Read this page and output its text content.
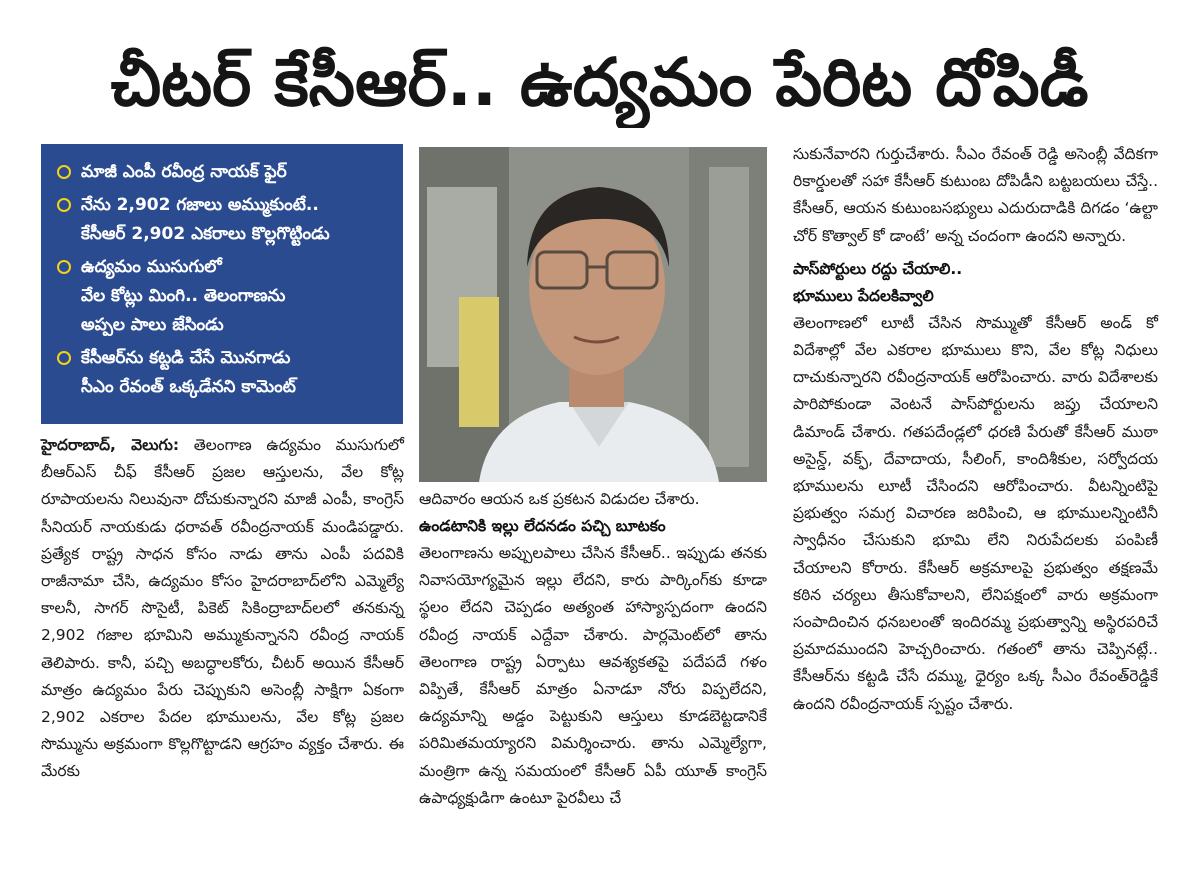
చీటర్ కేసీఆర్.. ఉద్యమం పేరిట దోపిడీ
మాజీ ఎంపీ రవీంద్ర నాయక్ ఫైర్
నేను 2,902 గజాలు అమ్ముకుంటే..
కేసీఆర్ 2,902 ఎకరాలు కొల్లగొట్టిండు
ఉద్యమం ముసుగులో
వేల కోట్లు మింగి.. తెలంగాణను
అప్పల పాలు జేసిండు
కేసీఆర్‌ను కట్టడి చేసే మొనగాడు
సీఎం రేవంత్ ఒక్కడేనని కామెంట్
హైదరాబాద్, వెలుగు: తెలంగాణ ఉద్యమం ముసుగులో బీఆర్ఎస్ చీఫ్ కేసీఆర్ ప్రజల ఆస్తులను, వేల కోట్ల రూపాయలను నిలువునా దోచుకున్నారని మాజీ ఎంపీ, కాంగ్రెస్ సీనియర్ నాయకుడు ధరావత్ రవీంద్రనాయక్ మండిపడ్డారు. ప్రత్యేక రాష్ట్ర సాధన కోసం నాడు తాను ఎంపీ పదవికి రాజీనామా చేసి, ఉద్యమం కోసం హైదరాబాద్‌లోని ఎమ్మెల్యే కాలనీ, సాగర్ సొసైటీ, పికెట్ సికింద్రాబాద్‌లలో తనకున్న 2,902 గజాల భూమిని అమ్ముకున్నానని రవీంద్ర నాయక్ తెలిపారు. కానీ, పచ్చి అబద్ధాలకోరు, చీటర్ అయిన కేసీఆర్ మాత్రం ఉద్యమం పేరు చెప్పుకుని అసెంబ్లీ సాక్షిగా ఏకంగా 2,902 ఎకరాల పేదల భూములను, వేల కోట్ల ప్రజల సొమ్మును అక్రమంగా కొల్లగొట్టాడని ఆగ్రహం వ్యక్తం చేశారు. ఈ మేరకు
ఆదివారం ఆయన ఒక ప్రకటన విడుదల చేశారు.
ఉండటానికి ఇల్లు లేదనడం పచ్చి బూటకం
తెలంగాణను అప్పులపాలు చేసిన కేసీఆర్.. ఇప్పుడు తనకు నివాసయోగ్యమైన ఇల్లు లేదని, కారు పార్కింగ్‌కు కూడా స్థలం లేదని చెప్పడం అత్యంత హాస్యాస్పదంగా ఉందని రవీంద్ర నాయక్ ఎద్దేవా చేశారు. పార్లమెంట్‌లో తాను తెలంగాణ రాష్ట్ర ఏర్పాటు ఆవశ్యకతపై పదేపదే గళం విప్పితే, కేసీఆర్ మాత్రం ఏనాడూ నోరు విప్పలేదని, ఉద్యమాన్ని అడ్డం పెట్టుకుని ఆస్తులు కూడబెట్టడానికే పరిమితమయ్యారని విమర్శించారు. తాను ఎమ్మెల్యేగా, మంత్రిగా ఉన్న సమయంలో కేసీఆర్ ఏపీ యూత్ కాంగ్రెస్ ఉపాధ్యక్షుడిగా ఉంటూ పైరవీలు చే
సుకునేవారని గుర్తుచేశారు. సీఎం రేవంత్ రెడ్డి అసెంబ్లీ వేదికగా రికార్డులతో సహా కేసీఆర్ కుటుంబ దోపిడీని బట్టబయలు చేస్తే.. కేసీఆర్, ఆయన కుటుంబసభ్యులు ఎదురుదాడికి దిగడం ‘ఉల్టా చోర్ కొత్వాల్ కో డాంటే’ అన్న చందంగా ఉందని అన్నారు.
పాస్‌పోర్టులు రద్దు చేయాలి..
భూములు పేదలకివ్వాలి
తెలంగాణలో లూటీ చేసిన సొమ్ముతో కేసీఆర్ అండ్ కో విదేశాల్లో వేల ఎకరాల భూములు కొని, వేల కోట్ల నిధులు దాచుకున్నారని రవీంద్రనాయక్ ఆరోపించారు. వారు విదేశాలకు పారిపోకుండా వెంటనే పాస్‌పోర్టులను జప్తు చేయాలని డిమాండ్ చేశారు. గతపదేండ్లలో ధరణి పేరుతో కేసీఆర్ ముఠా అసైన్డ్, వక్ఫ్, దేవాదాయ, సీలింగ్, కాందిశీకుల, సర్వోదయ భూములను లూటీ చేసిందని ఆరోపించారు. వీటన్నింటిపై ప్రభుత్వం సమగ్ర విచారణ జరిపించి, ఆ భూములన్నింటినీ స్వాధీనం చేసుకుని భూమి లేని నిరుపేదలకు పంపిణీ చేయాలని కోరారు. కేసీఆర్ అక్రమాలపై ప్రభుత్వం తక్షణమే కఠిన చర్యలు తీసుకోవాలని, లేనిపక్షంలో వారు అక్రమంగా సంపాదించిన ధనబలంతో ఇందిరమ్మ ప్రభుత్వాన్ని అస్థిరపరిచే ప్రమాదముందని హెచ్చరించారు. గతంలో తాను చెప్పినట్లే.. కేసీఆర్‌ను కట్టడి చేసే దమ్ము, ధైర్యం ఒక్క సీఎం రేవంత్‌రెడ్డికే ఉందని రవీంద్రనాయక్ స్పష్టం చేశారు.
